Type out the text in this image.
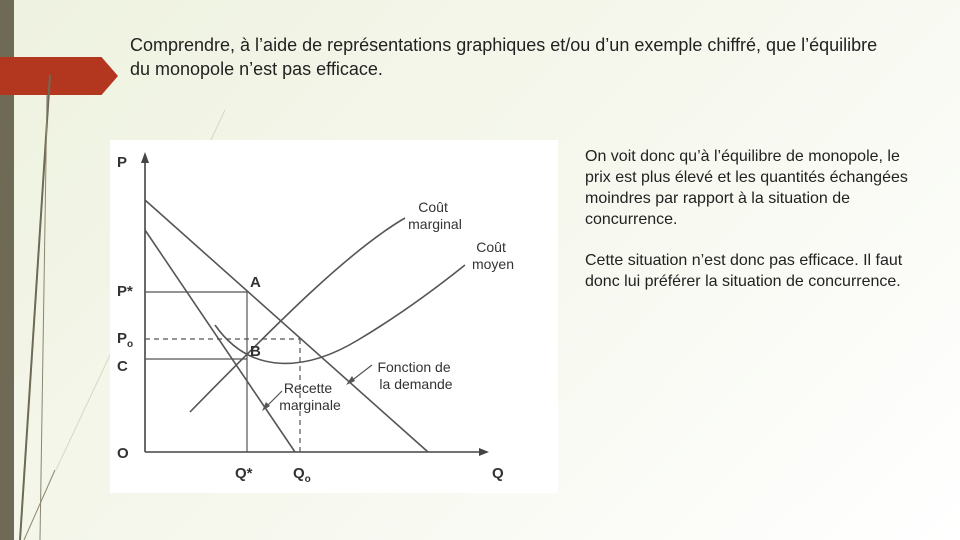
Comprendre, à l’aide de représentations graphiques et/ou d’un exemple chiffré, que l’équilibre du monopole n’est pas efficace.
P
Q
O
P*
$P_o$
C
Q*	$Q_o$
A
B
Coût marginal
Coût moyen
Fonction de la demande
Recette marginale

On voit donc qu’à l’équilibre de monopole, le prix est plus élevé et les quantités échangées moindres par rapport à la situation de concurrence.

Cette situation n’est donc pas efficace. Il faut donc lui préférer la situation de concurrence.
